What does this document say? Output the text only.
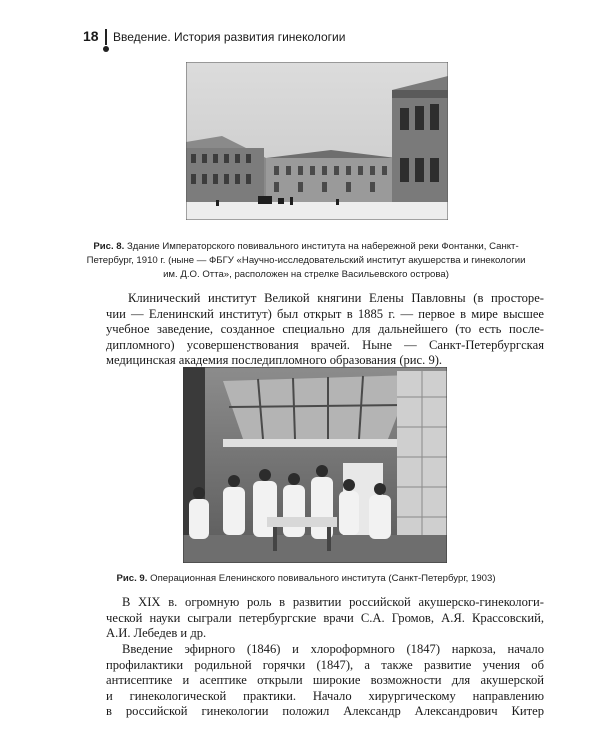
18 Введение. История развития гинекологии
Рис. 8. Здание Императорского повивального института на набережной реки Фонтанки, Санкт-
Петербург, 1910 г. (ныне — ФБГУ «Научно-исследовательский институт акушерства и гинекологии
им. Д.О. Отта», расположен на стрелке Васильевского острова)
Клинический институт Великой княгини Елены Павловны (в просторе-
чии — Еленинский институт) был открыт в 1885 г. — первое в мире высшее
учебное заведение, созданное специально для дальнейшего (то есть после-
дипломного) усовершенствования врачей. Ныне — Санкт-Петербургская
медицинская академия последипломного образования (рис. 9).
Рис. 9. Операционная Еленинского повивального института (Санкт-Петербург, 1903)
В XIX в. огромную роль в развитии российской акушерско-гинекологи-
ческой науки сыграли петербургские врачи С.А. Громов, А.Я. Крассовский,
А.И. Лебедев и др.
Введение эфирного (1846) и хлороформного (1847) наркоза, начало
профилактики родильной горячки (1847), а также развитие учения об
антисептике и асептике открыли широкие возможности для акушерской
и гинекологической практики. Начало хирургическому направлению
в российской гинекологии положил Александр Александрович Китер
